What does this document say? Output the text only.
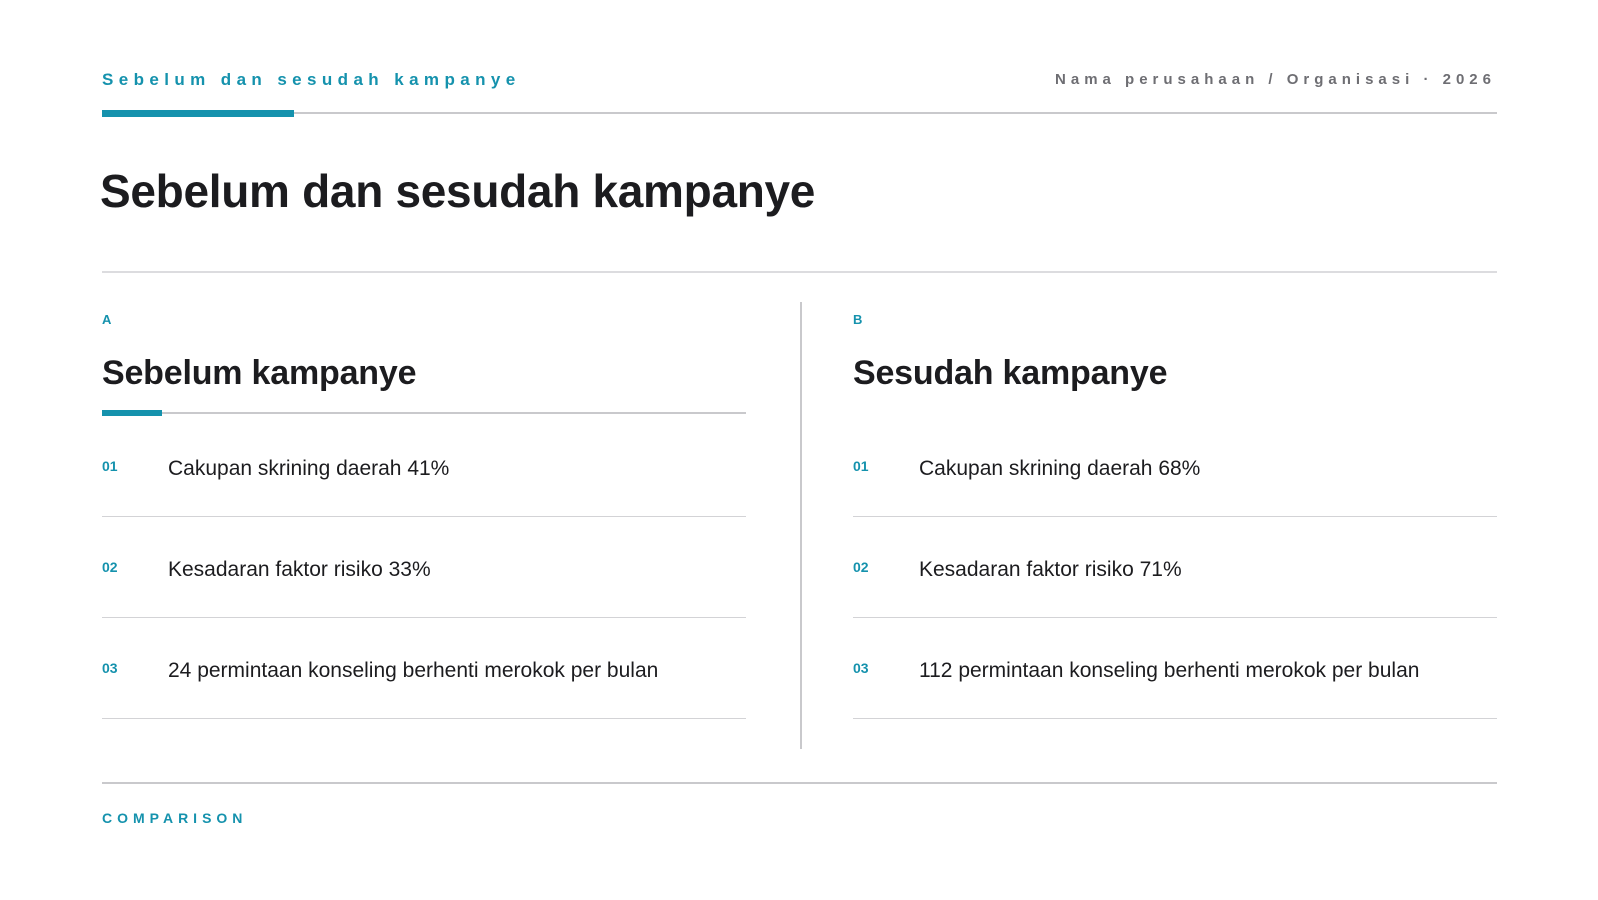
Sebelum dan sesudah kampanye	Nama perusahaan / Organisasi · 2026
Sebelum dan sesudah kampanye
A
Sebelum kampanye
01 Cakupan skrining daerah 41%
02 Kesadaran faktor risiko 33%
03 24 permintaan konseling berhenti merokok per bulan
B
Sesudah kampanye
01 Cakupan skrining daerah 68%
02 Kesadaran faktor risiko 71%
03 112 permintaan konseling berhenti merokok per bulan
COMPARISON
